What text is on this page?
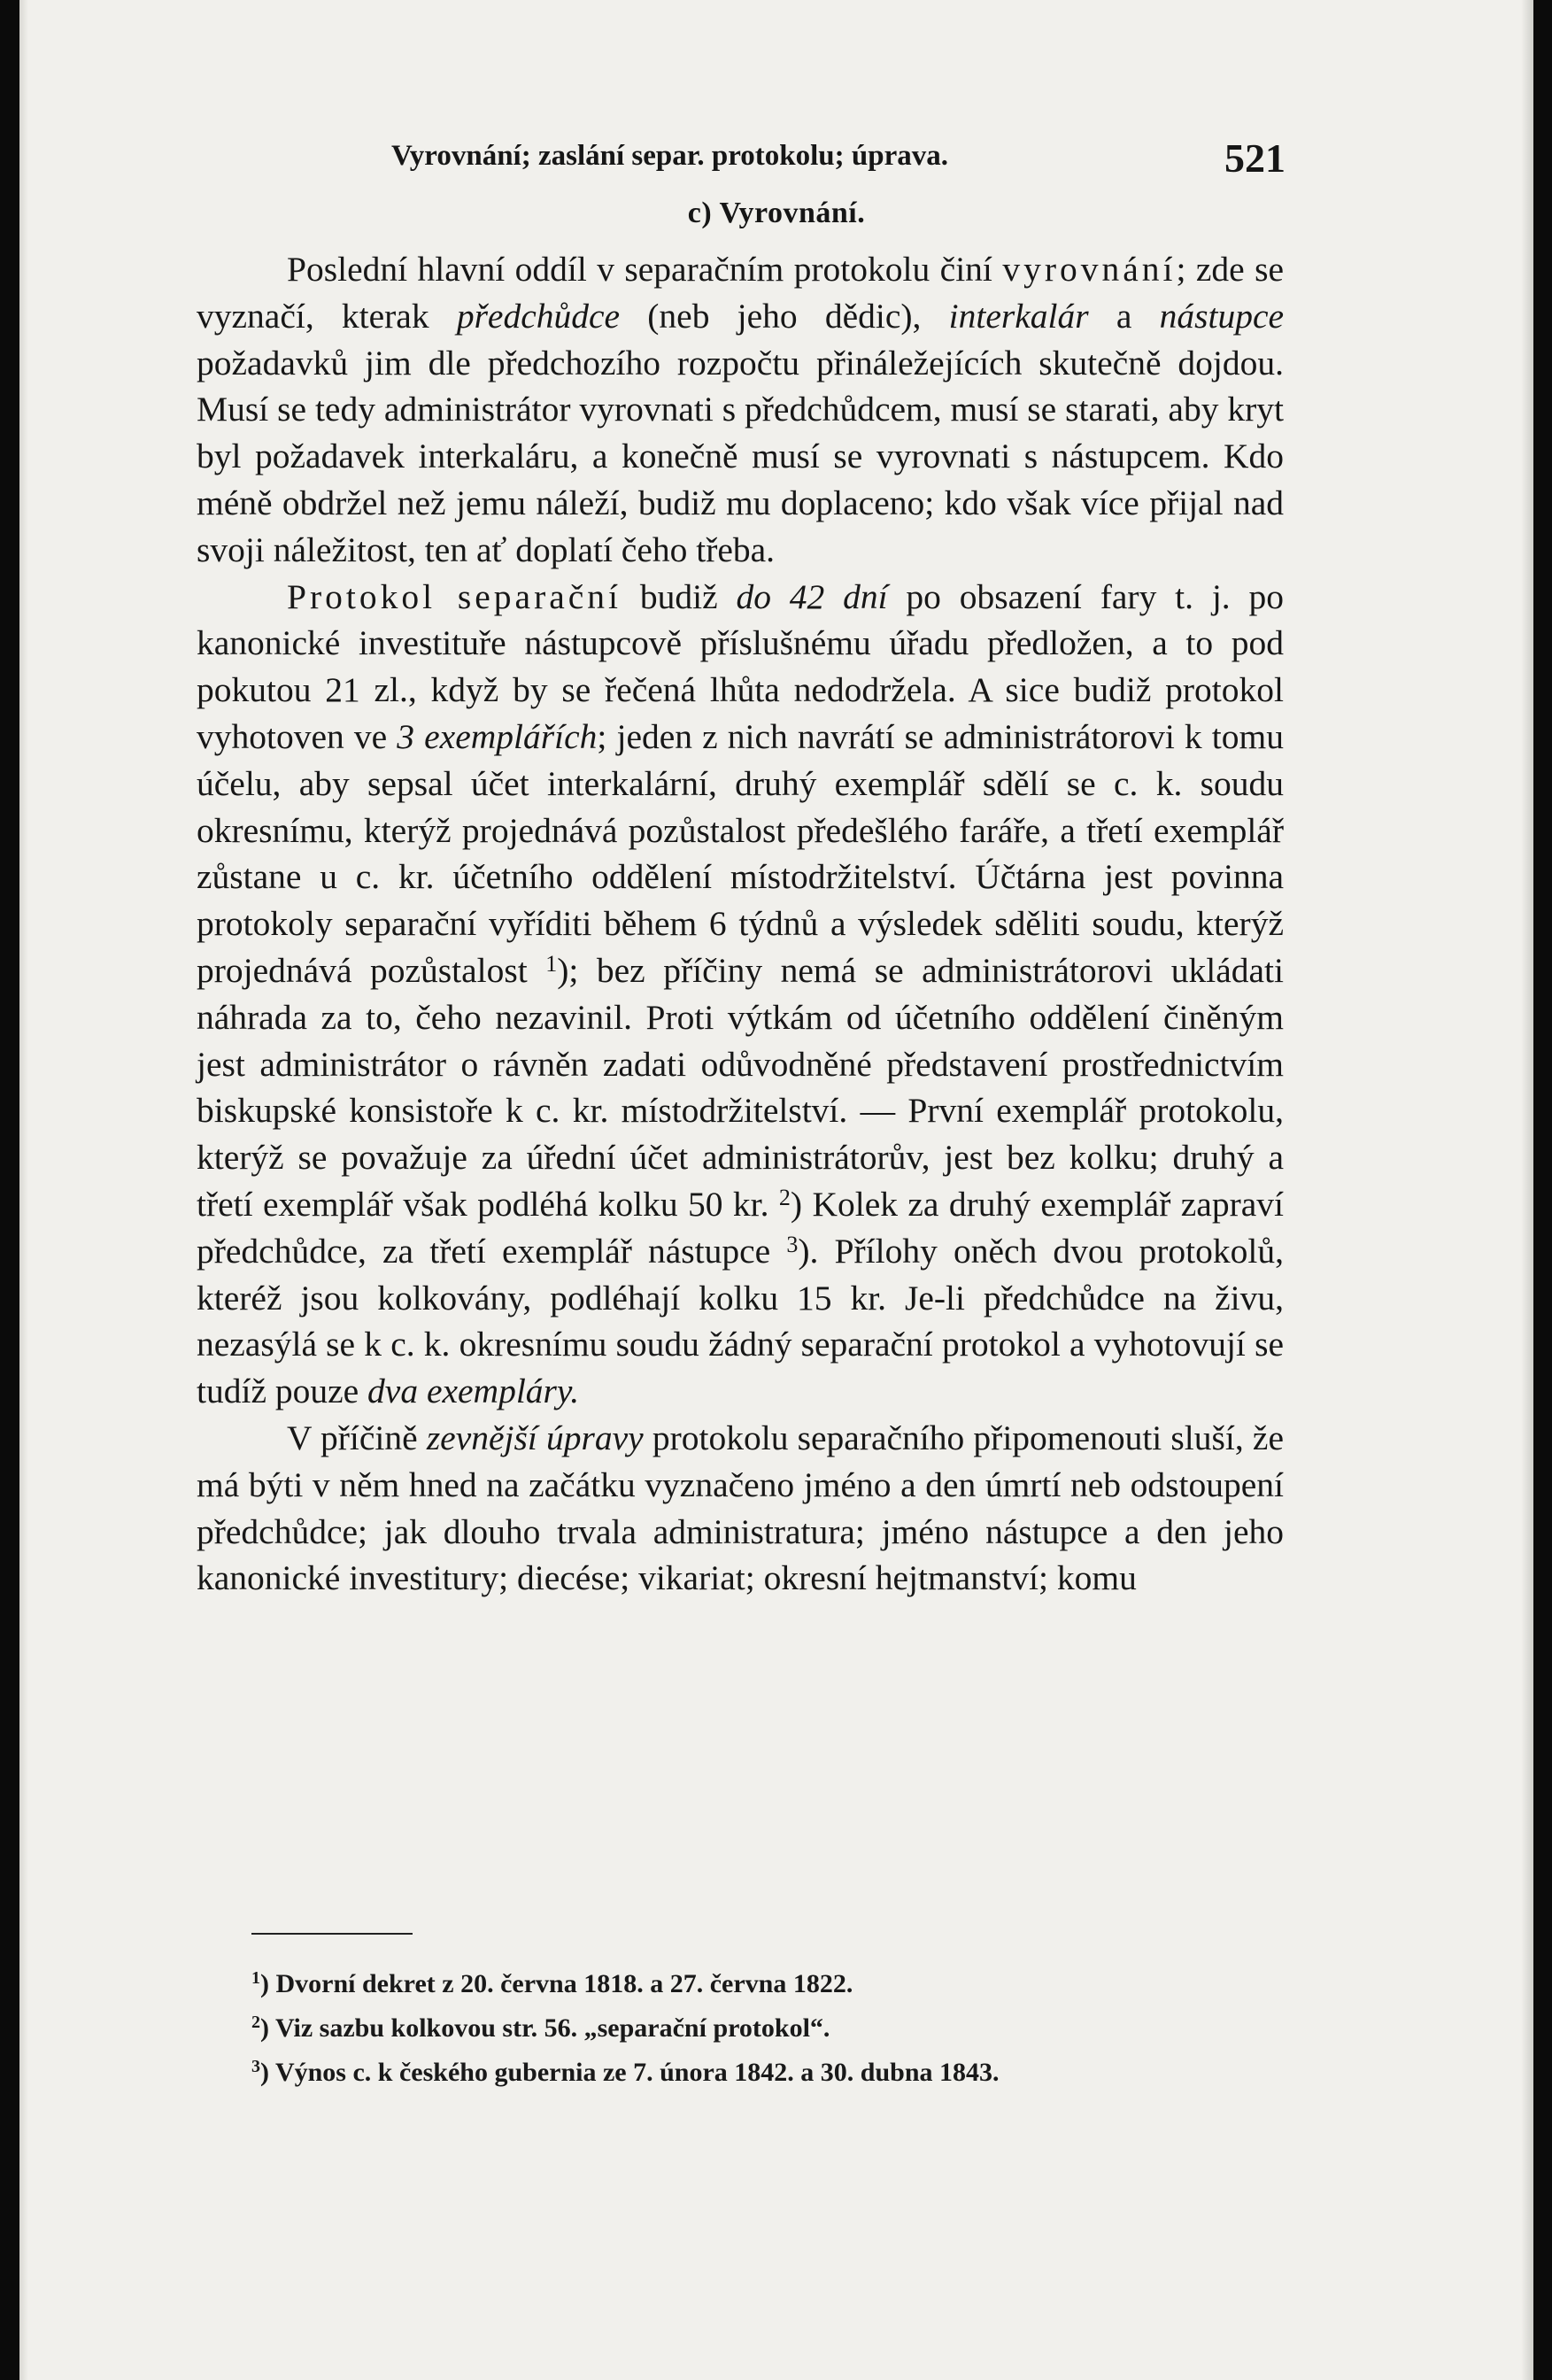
Vyrovnání; zaslání separ. protokolu; úprava.	521
c) Vyrovnání.

Poslední hlavní oddíl v separačním protokolu činí vyrovnání; zde se vyznačí, kterak předchůdce (neb jeho dědic), interkalár a nástupce požadavků jim dle předchozího rozpočtu přináležejících skutečně dojdou. Musí se tedy administrátor vyrovnati s předchůdcem, musí se starati, aby kryt byl požadavek interkaláru, a konečně musí se vyrovnati s nástupcem. Kdo méně obdržel než jemu náleží, budiž mu doplaceno; kdo však více přijal nad svoji náležitost, ten ať doplatí čeho třeba.

Protokol separační budiž do 42 dní po obsazení fary t. j. po kanonické investituře nástupcově příslušnému úřadu předložen, a to pod pokutou 21 zl., když by se řečená lhůta nedodržela. A sice budiž protokol vyhotoven ve 3 exemplářích; jeden z nich navrátí se administrátorovi k tomu účelu, aby sepsal účet interkalární, druhý exemplář sdělí se c. k. soudu okresnímu, kterýž projednává pozůstalost předešlého faráře, a třetí exemplář zůstane u c. kr. účetního oddělení místodržitelství. Účtárna jest povinna protokoly separační vyříditi během 6 týdnů a výsledek sděliti soudu, kterýž projednává pozůstalost $^1$); bez příčiny nemá se administrátorovi ukládati náhrada za to, čeho nezavinil. Proti výtkám od účetního oddělení činěným jest administrátor o rávněn zadati odůvodněné představení prostřednictvím biskupské konsistoře k c. kr. místodržitelství. — První exemplář protokolu, kterýž se považuje za úřední účet administrátorův, jest bez kolku; druhý a třetí exemplář však podléhá kolku 50 kr. $^2$) Kolek za druhý exemplář zapraví předchůdce, za třetí exemplář nástupce $^3$). Přílohy oněch dvou protokolů, kteréž jsou kolkovány, podléhají kolku 15 kr. Je-li předchůdce na živu, nezasýlá se k c. k. okresnímu soudu žádný separační protokol a vyhotovují se tudíž pouze dva exempláry.

V příčině zevnější úpravy protokolu separačního připomenouti sluší, že má býti v něm hned na začátku vyznačeno jméno a den úmrtí neb odstoupení předchůdce; jak dlouho trvala administratura; jméno nástupce a den jeho kanonické investitury; diecése; vikariat; okresní hejtmanství; komu

$^1$) Dvorní dekret z 20. června 1818. a 27. června 1822.
$^2$) Viz sazbu kolkovou str. 56. „separační protokol“.
$^3$) Výnos c. k českého gubernia ze 7. února 1842. a 30. dubna 1843.
